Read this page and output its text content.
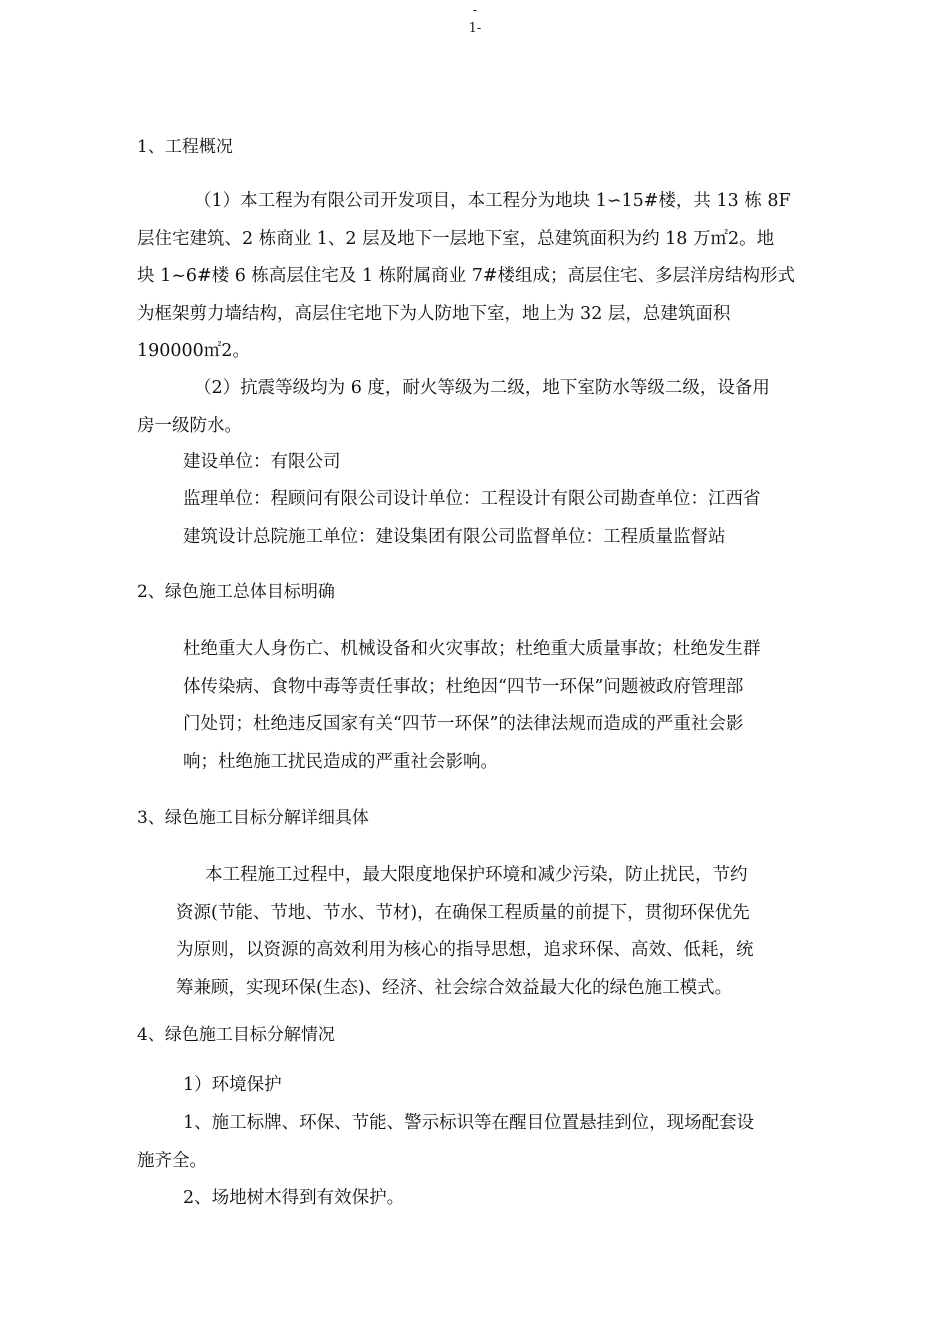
-
1-
1、工程概况
（1）本工程为有限公司开发项目，本工程分为地块 1∽15#楼，共 13 栋 8F
层住宅建筑、2 栋商业 1、2 层及地下一层地下室，总建筑面积为约 18 万㎡2。地
块 1~6#楼 6 栋高层住宅及 1 栋附属商业 7#楼组成；高层住宅、多层洋房结构形式
为框架剪力墙结构，高层住宅地下为人防地下室，地上为 32 层，总建筑面积
190000㎡2。
（2）抗震等级均为 6 度，耐火等级为二级，地下室防水等级二级，设备用
房一级防水。
建设单位：有限公司
监理单位：程顾问有限公司设计单位：工程设计有限公司勘查单位：江西省
建筑设计总院施工单位：建设集团有限公司监督单位：工程质量监督站
2、绿色施工总体目标明确
杜绝重大人身伤亡、机械设备和火灾事故；杜绝重大质量事故；杜绝发生群
体传染病、食物中毒等责任事故；杜绝因“四节一环保”问题被政府管理部
门处罚；杜绝违反国家有关“四节一环保”的法律法规而造成的严重社会影
响；杜绝施工扰民造成的严重社会影响。
3、绿色施工目标分解详细具体
本工程施工过程中，最大限度地保护环境和减少污染，防止扰民，节约
资源(节能、节地、节水、节材)，在确保工程质量的前提下，贯彻环保优先
为原则，以资源的高效利用为核心的指导思想，追求环保、高效、低耗，统
筹兼顾，实现环保(生态)、经济、社会综合效益最大化的绿色施工模式。
4、绿色施工目标分解情况
1）环境保护
1、施工标牌、环保、节能、警示标识等在醒目位置悬挂到位，现场配套设
施齐全。
2、场地树木得到有效保护。
